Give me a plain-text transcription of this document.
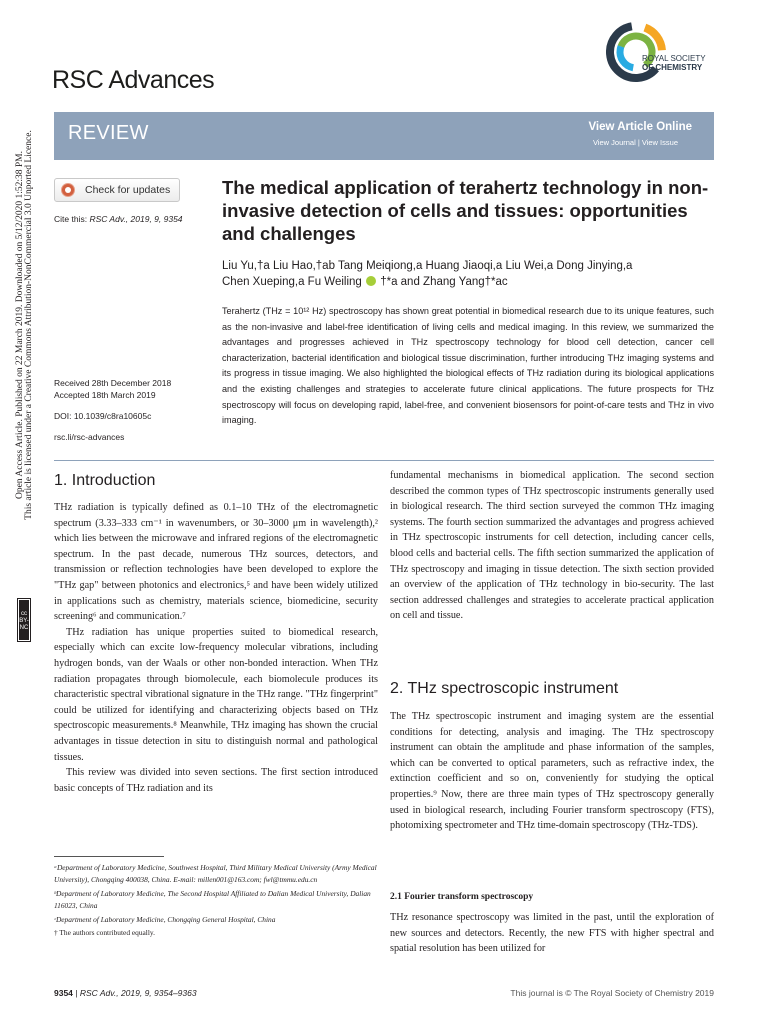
Open Access Article. Published on 22 March 2019. Downloaded on 5/12/2020 1:52:38 PM. This article is licensed under a Creative Commons Attribution-NonCommercial 3.0 Unported Licence.
cc BY-NC
RSC Advances
ROYAL SOCIETY
OF CHEMISTRY
REVIEW	View Article Online
View Journal | View Issue
Check for updates
Cite this: RSC Adv., 2019, 9, 9354
Received 28th December 2018
Accepted 18th March 2019
DOI: 10.1039/c8ra10605c
rsc.li/rsc-advances
The medical application of terahertz technology in non-invasive detection of cells and tissues: opportunities and challenges
Liu Yu,†a Liu Hao,†ab Tang Meiqiong,a Huang Jiaoqi,a Liu Wei,a Dong Jinying,a
Chen Xueping,a Fu Weiling †*a and Zhang Yang†*ac
Terahertz (THz = 10¹² Hz) spectroscopy has shown great potential in biomedical research due to its unique features, such as the non-invasive and label-free identification of living cells and medical imaging. In this review, we summarized the advantages and progresses achieved in THz spectroscopy technology for blood cell detection, cancer cell characterization, bacterial identification and biological tissue discrimination, further introducing THz imaging systems and its progress in tissue imaging. We also highlighted the biological effects of THz radiation during its biological applications and the existing challenges and strategies to accelerate future clinical applications. The future prospects for THz spectroscopy will focus on developing rapid, label-free, and convenient biosensors for point-of-care tests and THz in vivo imaging.
1. Introduction

THz radiation is typically defined as 0.1–10 THz of the electromagnetic spectrum (3.33–333 cm⁻¹ in wavenumbers, or 30–3000 μm in wavelength),² which lies between the microwave and infrared regions of the electromagnetic spectrum. In the past decade, numerous THz sources, detectors, and transmission or reflection technologies have been developed to explore the "THz gap" between photonics and electronics,⁵ and have been widely utilized in applications such as chemistry, materials science, biomedicine, security screening⁶ and communication.⁷

THz radiation has unique properties suited to biomedical research, especially which can excite low-frequency molecular vibrations, including hydrogen bonds, van der Waals or other non-bonded interaction. When THz radiation propagates through biomolecule, each biomolecule produces its characteristic spectral vibrational signature in the THz range. "THz fingerprint" could be utilized for identifying and characterizing objects based on THz spectroscopic measurements.⁸ Meanwhile, THz imaging has shown the crucial advantages in tissue detection in situ to distinguish normal and pathological tissues.

This review was divided into seven sections. The first section introduced basic concepts of THz radiation and its

ᵃDepartment of Laboratory Medicine, Southwest Hospital, Third Military Medical University (Army Medical University), Chongqing 400038, China. E-mail: millen001@163.com; fwl@tmmu.edu.cn
ᵇDepartment of Laboratory Medicine, The Second Hospital Affiliated to Dalian Medical University, Dalian 116023, China
ᶜDepartment of Laboratory Medicine, Chongqing General Hospital, China
† The authors contributed equally.

fundamental mechanisms in biomedical application. The second section described the common types of THz spectroscopic instruments generally used in biological research. The third section surveyed the common THz imaging systems. The fourth section summarized the advantages and progress achieved in THz spectroscopic instruments for cell detection, including cancer cells, blood cells and bacterial cells. The fifth section summarized the application of THz spectroscopy and imaging in tissue detection. The sixth section provided an overview of the application of THz technology in bio-security. The last section addressed challenges and strategies to accelerate practical application on cell and tissue.

2. THz spectroscopic instrument

The THz spectroscopic instrument and imaging system are the essential conditions for detecting, analysis and imaging. The THz spectroscopy instrument can obtain the amplitude and phase information of the samples, which can be converted to optical parameters, such as refractive index, the extinction coefficient and so on, conveniently for studying the optical properties.⁹ Now, there are three main types of THz spectroscopy generally used in biological research, including Fourier transform spectroscopy (FTS), photomixing spectrometer and THz time-domain spectroscopy (THz-TDS).

2.1 Fourier transform spectroscopy

THz resonance spectroscopy was limited in the past, until the exploration of new sources and detectors. Recently, the new FTS with higher spectral and spatial resolution has been utilized for

9354 | RSC Adv., 2019, 9, 9354–9363	This journal is © The Royal Society of Chemistry 2019
